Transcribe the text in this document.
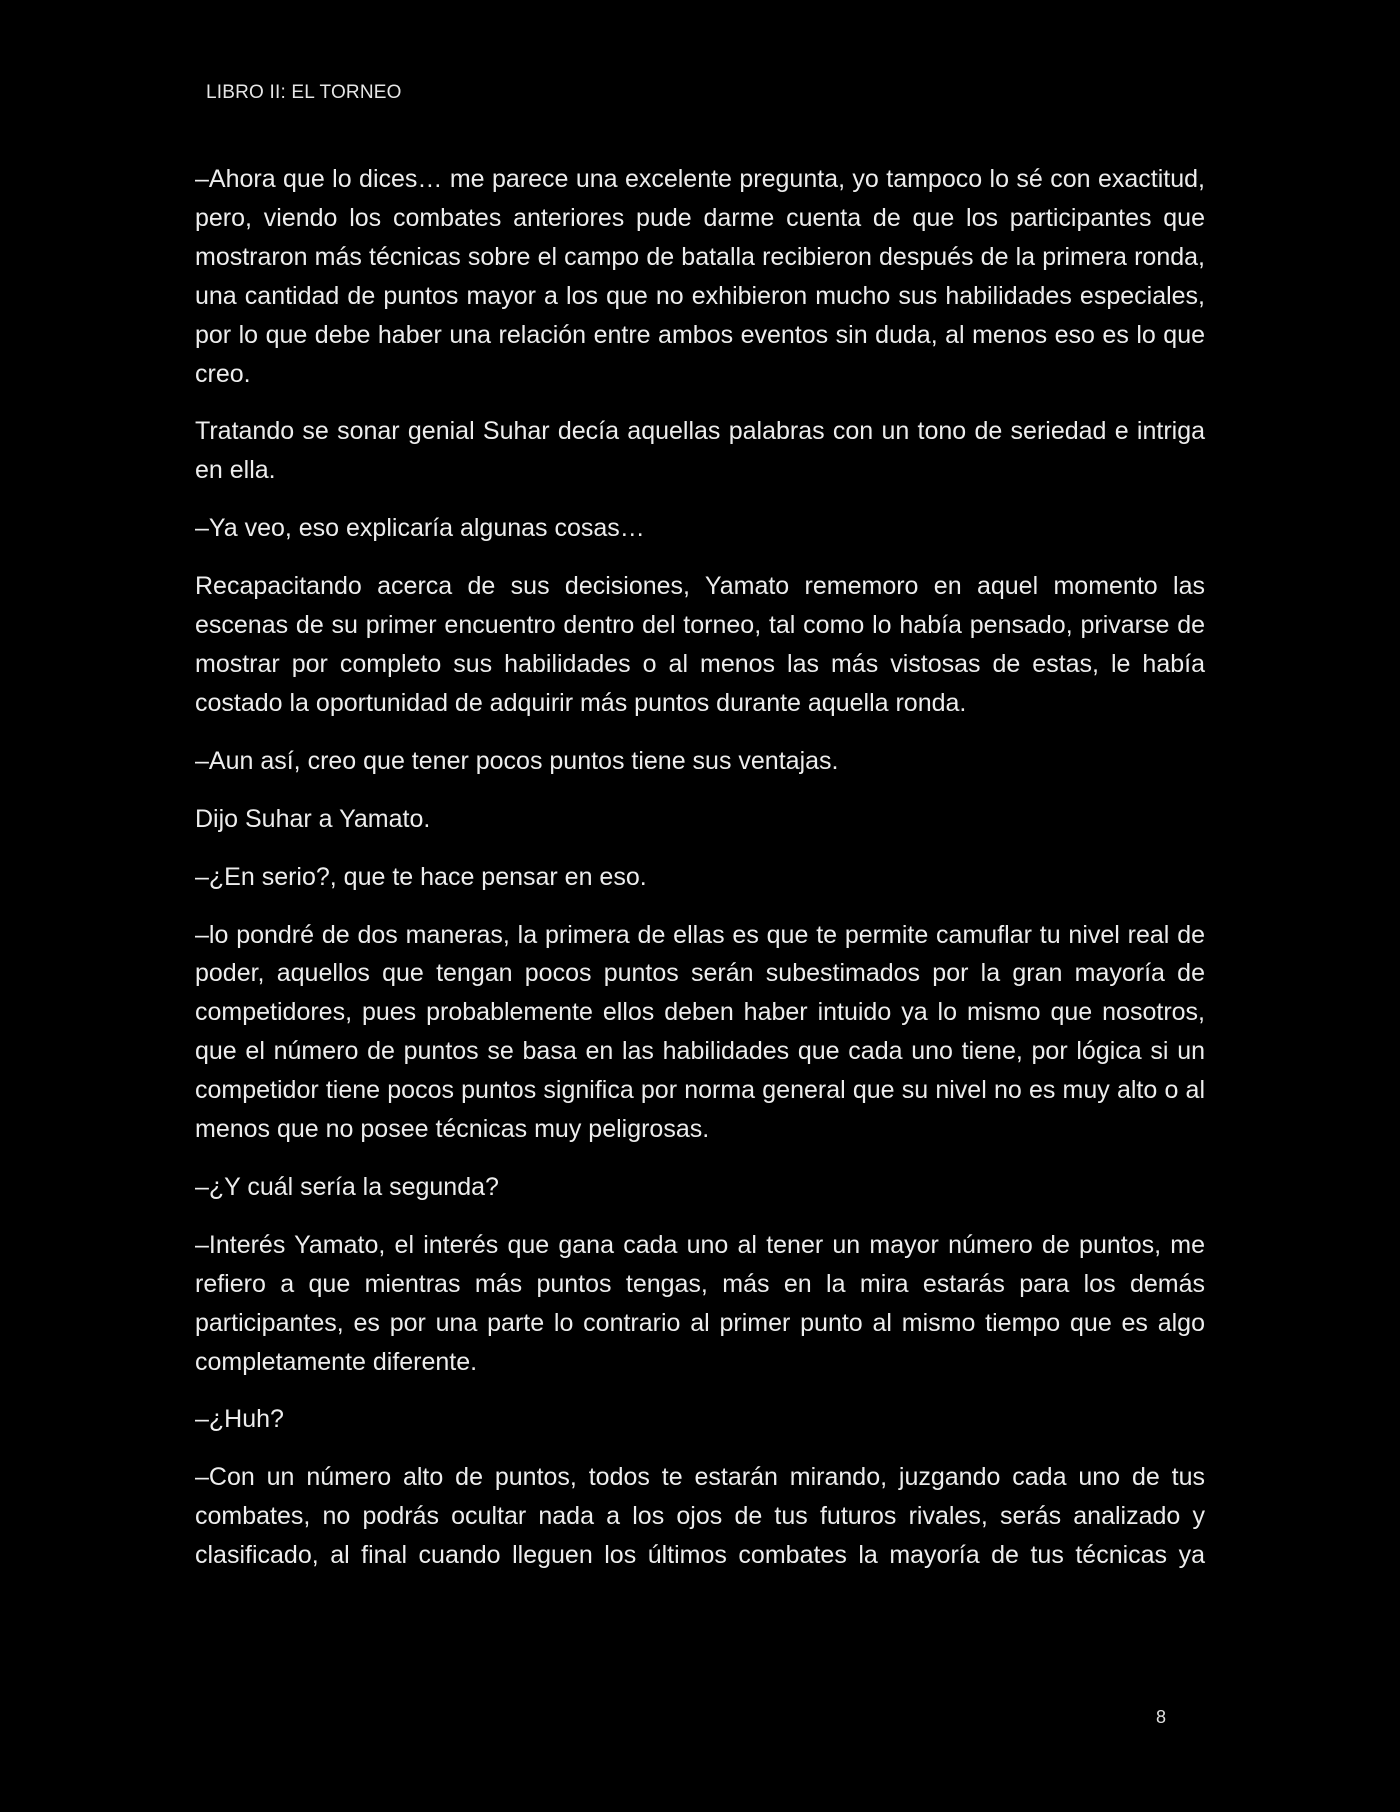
LIBRO II: EL TORNEO

–Ahora que lo dices… me parece una excelente pregunta, yo tampoco lo sé con exactitud, pero, viendo los combates anteriores pude darme cuenta de que los participantes que mostraron más técnicas sobre el campo de batalla recibieron después de la primera ronda, una cantidad de puntos mayor a los que no exhibieron mucho sus habilidades especiales, por lo que debe haber una relación entre ambos eventos sin duda, al menos eso es lo que creo.

Tratando se sonar genial Suhar decía aquellas palabras con un tono de seriedad e intriga en ella.

–Ya veo, eso explicaría algunas cosas…

Recapacitando acerca de sus decisiones, Yamato rememoro en aquel momento las escenas de su primer encuentro dentro del torneo, tal como lo había pensado, privarse de mostrar por completo sus habilidades o al menos las más vistosas de estas, le había costado la oportunidad de adquirir más puntos durante aquella ronda.

–Aun así, creo que tener pocos puntos tiene sus ventajas.

Dijo Suhar a Yamato.

–¿En serio?, que te hace pensar en eso.

–lo pondré de dos maneras, la primera de ellas es que te permite camuflar tu nivel real de poder, aquellos que tengan pocos puntos serán subestimados por la gran mayoría de competidores, pues probablemente ellos deben haber intuido ya lo mismo que nosotros, que el número de puntos se basa en las habilidades que cada uno tiene, por lógica si un competidor tiene pocos puntos significa por norma general que su nivel no es muy alto o al menos que no posee técnicas muy peligrosas.

–¿Y cuál sería la segunda?

–Interés Yamato, el interés que gana cada uno al tener un mayor número de puntos, me refiero a que mientras más puntos tengas, más en la mira estarás para los demás participantes, es por una parte lo contrario al primer punto al mismo tiempo que es algo completamente diferente.

–¿Huh?

–Con un número alto de puntos, todos te estarán mirando, juzgando cada uno de tus combates, no podrás ocultar nada a los ojos de tus futuros rivales, serás analizado y clasificado, al final cuando lleguen los últimos combates la mayoría de tus técnicas ya

8
